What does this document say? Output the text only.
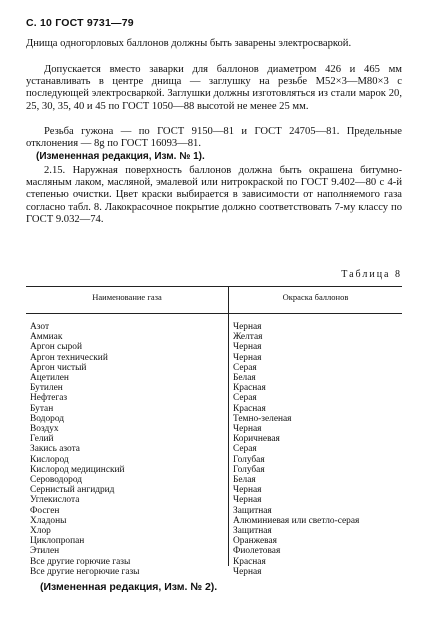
С. 10 ГОСТ 9731—79
Днища одногорловых баллонов должны быть заварены электросваркой.
Допускается вместо заварки для баллонов диаметром 426 и 465 мм устанавливать в центре днища — заглушку на резьбе М52×3—М80×3 с последующей электросваркой. Заглушки должны изготовляться из стали марок 20, 25, 30, 35, 40 и 45 по ГОСТ 1050—88 высотой не менее 25 мм.
Резьба гужона — по ГОСТ 9150—81 и ГОСТ 24705—81. Предельные отклонения — 8g по ГОСТ 16093—81.
(Измененная редакция, Изм. № 1).
2.15. Наружная поверхность баллонов должна быть окрашена битумно-масляным лаком, масляной, эмалевой или нитрокраской по ГОСТ 9.402—80 с 4-й степенью очистки. Цвет краски выбирается в зависимости от наполняемого газа согласно табл. 8. Лакокрасочное покрытие должно соответствовать 7-му классу по ГОСТ 9.032—74.
Таблица 8
Наименование газа	Окраска баллонов
Азот
Аммиак
Аргон сырой
Аргон технический
Аргон чистый
Ацетилен
Бутилен
Нефтегаз
Бутан
Водород
Воздух
Гелий
Закись азота
Кислород
Кислород медицинский
Сероводород
Сернистый ангидрид
Углекислота
Фосген
Хладоны
Хлор
Циклопропан
Этилен
Все другие горючие газы
Все другие негорючие газы
Черная
Желтая
Черная
Черная
Серая
Белая
Красная
Серая
Красная
Темно-зеленая
Черная
Коричневая
Серая
Голубая
Голубая
Белая
Черная
Черная
Защитная
Алюминиевая или светло-серая
Защитная
Оранжевая
Фиолетовая
Красная
Черная
(Измененная редакция, Изм. № 2).
